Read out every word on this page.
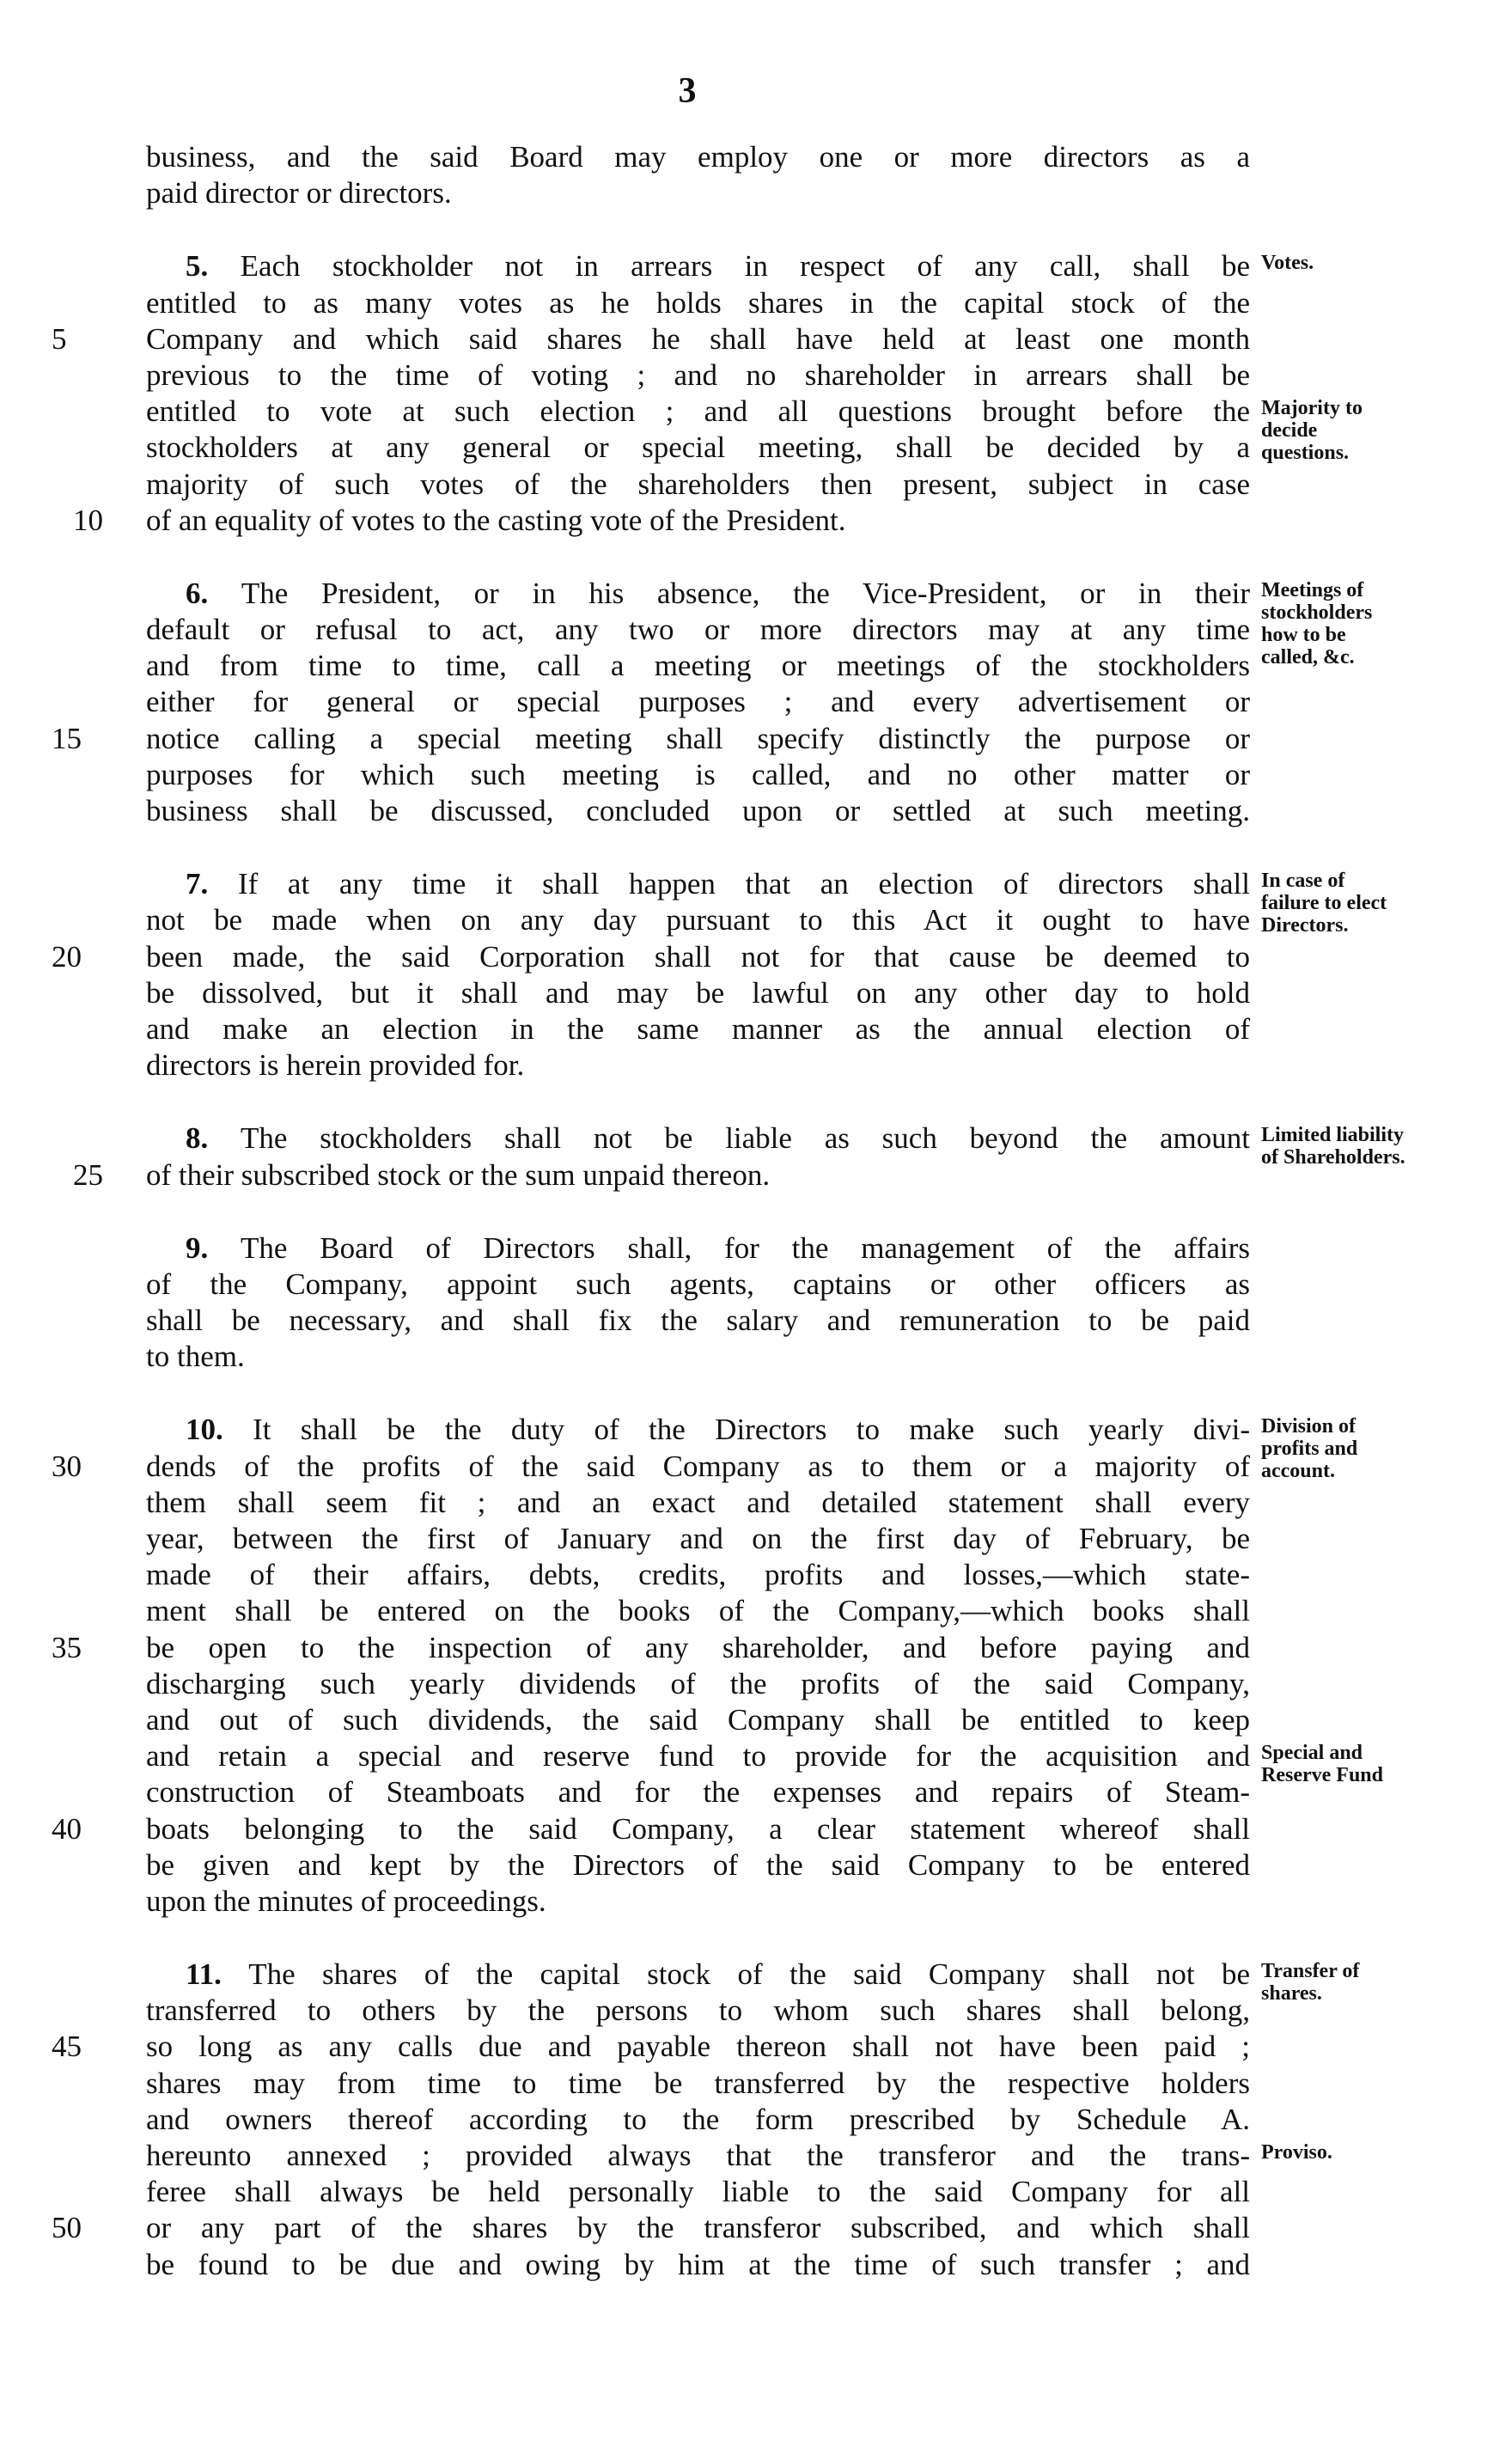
3
business, and the said Board may employ one or more directors as a
paid director or directors.
5. Each stockholder not in arrears in respect of any call, shall be
entitled to as many votes as he holds shares in the capital stock of the
5	Company and which said shares he shall have held at least one month
previous to the time of voting ; and no shareholder in arrears shall be
entitled to vote at such election ; and all questions brought before the
stockholders at any general or special meeting, shall be decided by a
majority of such votes of the shareholders then present, subject in case
10 of an equality of votes to the casting vote of the President.
Votes.
Majority to decide questions.
6. The President, or in his absence, the Vice-President, or in their
default or refusal to act, any two or more directors may at any time
and from time to time, call a meeting or meetings of the stockholders
either for general or special purposes ; and every advertisement or
15	notice calling a special meeting shall specify distinctly the purpose or
purposes for which such meeting is called, and no other matter or
business shall be discussed, concluded upon or settled at such meeting.
Meetings of stockholders how to be called, &c.
7. If at any time it shall happen that an election of directors shall
not be made when on any day pursuant to this Act it ought to have
20	been made, the said Corporation shall not for that cause be deemed to
be dissolved, but it shall and may be lawful on any other day to hold
and make an election in the same manner as the annual election of
directors is herein provided for.
In case of failure to elect Directors.
8. The stockholders shall not be liable as such beyond the amount
25 of their subscribed stock or the sum unpaid thereon.
Limited liability of Shareholders.
9. The Board of Directors shall, for the management of the affairs
of the Company, appoint such agents, captains or other officers as
shall be necessary, and shall fix the salary and remuneration to be paid
to them.
10. It shall be the duty of the Directors to make such yearly divi-
30	dends of the profits of the said Company as to them or a majority of
them shall seem fit ; and an exact and detailed statement shall every
year, between the first of January and on the first day of February, be
made of their affairs, debts, credits, profits and losses,—which state-
ment shall be entered on the books of the Company,—which books shall
35	be open to the inspection of any shareholder, and before paying and
discharging such yearly dividends of the profits of the said Company,
and out of such dividends, the said Company shall be entitled to keep
and retain a special and reserve fund to provide for the acquisition and
construction of Steamboats and for the expenses and repairs of Steam-
40	boats belonging to the said Company, a clear statement whereof shall
be given and kept by the Directors of the said Company to be entered
upon the minutes of proceedings.
Division of profits and account.
Special and Reserve Fund
11. The shares of the capital stock of the said Company shall not be
transferred to others by the persons to whom such shares shall belong,
45	so long as any calls due and payable thereon shall not have been paid ;
shares may from time to time be transferred by the respective holders
and owners thereof according to the form prescribed by Schedule A.
hereunto annexed ; provided always that the transferor and the trans-
feree shall always be held personally liable to the said Company for all
50	or any part of the shares by the transferor subscribed, and which shall
be found to be due and owing by him at the time of such transfer ; and
Transfer of shares.
Proviso.
